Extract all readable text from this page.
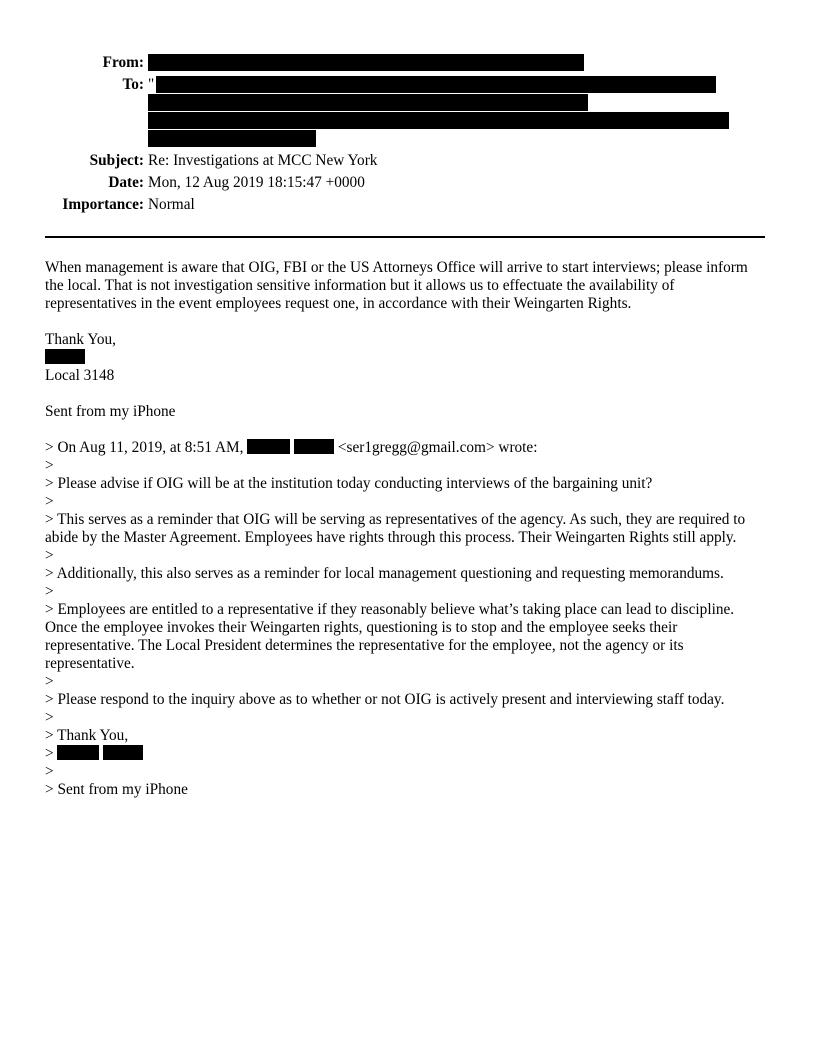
From:
To: "
Subject: Re: Investigations at MCC New York
Date: Mon, 12 Aug 2019 18:15:47 +0000
Importance: Normal
When management is aware that OIG, FBI or the US Attorneys Office will arrive to start interviews; please inform the local. That is not investigation sensitive information but it allows us to effectuate the availability of representatives in the event employees request one, in accordance with their Weingarten Rights.
Thank You,
Local 3148
Sent from my iPhone
> On Aug 11, 2019, at 8:51 AM,	<ser1gregg@gmail.com> wrote:
>
> Please advise if OIG will be at the institution today conducting interviews of the bargaining unit?
>
> This serves as a reminder that OIG will be serving as representatives of the agency. As such, they are required to abide by the Master Agreement. Employees have rights through this process. Their Weingarten Rights still apply.
>
> Additionally, this also serves as a reminder for local management questioning and requesting memorandums.
>
> Employees are entitled to a representative if they reasonably believe what’s taking place can lead to discipline. Once the employee invokes their Weingarten rights, questioning is to stop and the employee seeks their representative. The Local President determines the representative for the employee, not the agency or its representative.
>
> Please respond to the inquiry above as to whether or not OIG is actively present and interviewing staff today.
>
> Thank You,
>
>
> Sent from my iPhone
